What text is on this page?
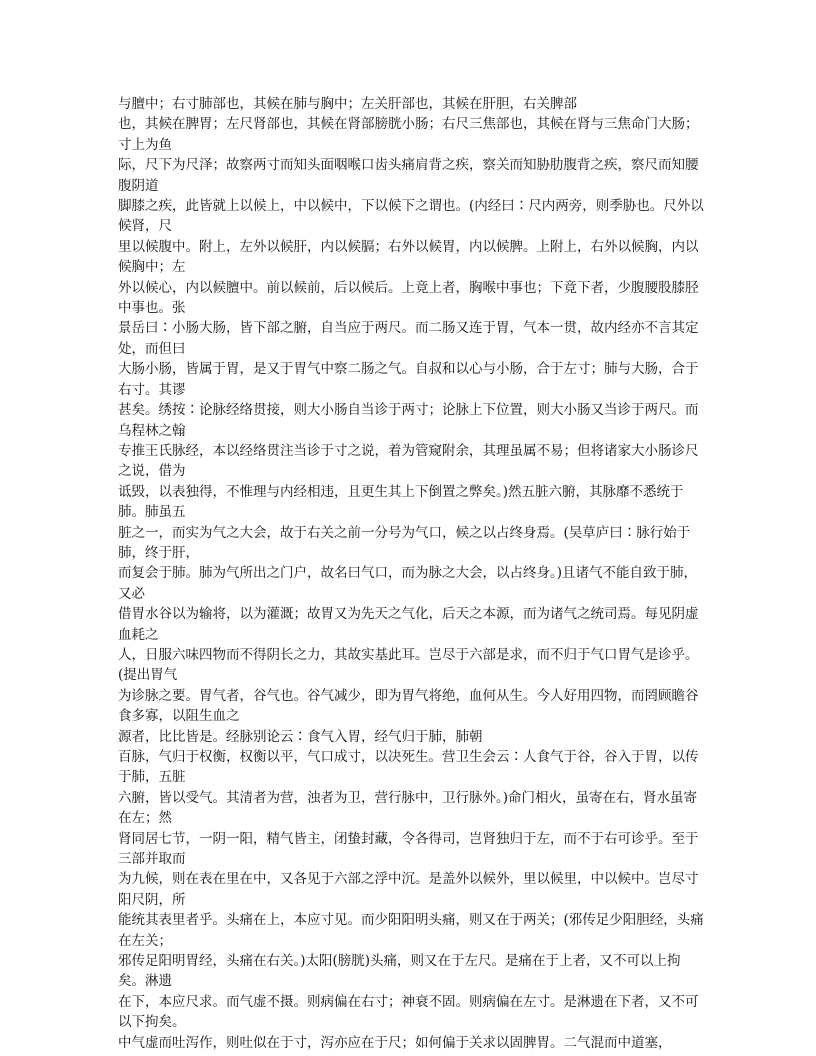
与膻中；右寸肺部也，其候在肺与胸中；左关肝部也，其候在肝胆，右关脾部

也，其候在脾胃；左尺肾部也，其候在肾部膀胱小肠；右尺三焦部也，其候在肾与三焦命门大肠；寸上为鱼

际，尺下为尺泽；故察两寸而知头面咽喉口齿头痛肩背之疾，察关而知胁肋腹背之疾，察尺而知腰腹阴道

脚膝之疾，此皆就上以候上，中以候中，下以候下之谓也。(内经曰∶尺内两旁，则季胁也。尺外以候肾，尺

里以候腹中。附上，左外以候肝，内以候膈；右外以候胃，内以候脾。上附上，右外以候胸，内以候胸中；左

外以候心，内以候膻中。前以候前，后以候后。上竟上者，胸喉中事也；下竟下者，少腹腰股膝胫中事也。张

景岳曰∶小肠大肠，皆下部之腑，自当应于两尺。而二肠又连于胃，气本一贯，故内经亦不言其定处，而但曰

大肠小肠，皆属于胃，是又于胃气中察二肠之气。自叔和以心与小肠，合于左寸；肺与大肠，合于右寸。其谬

甚矣。绣按∶论脉经络贯接，则大小肠自当诊于两寸；论脉上下位置，则大小肠又当诊于两尺。而乌程林之翰

专推王氏脉经，本以经络贯注当诊于寸之说，着为管窥附余，其理虽属不易；但将诸家大小肠诊尺之说，借为

诋毁，以表独得，不惟理与内经相违，且更生其上下倒置之弊矣。)然五脏六腑，其脉靡不悉统于肺。肺虽五

脏之一，而实为气之大会，故于右关之前一分号为气口，候之以占终身焉。(吴草庐曰∶脉行始于肺，终于肝，

而复会于肺。肺为气所出之门户，故名曰气口，而为脉之大会，以占终身。)且诸气不能自致于肺，又必

借胃水谷以为输将，以为灌溉；故胃又为先天之气化，后天之本源，而为诸气之统司焉。每见阴虚血耗之

人，日服六味四物而不得阴长之力，其故实基此耳。岂尽于六部是求，而不归于气口胃气是诊乎。(提出胃气

为诊脉之要。胃气者，谷气也。谷气减少，即为胃气将绝，血何从生。今人好用四物，而罔顾瞻谷食多寡，以阻生血之

源者，比比皆是。经脉别论云∶食气入胃，经气归于肺，肺朝

百脉，气归于权衡，权衡以平，气口成寸，以决死生。营卫生会云∶人食气于谷，谷入于胃，以传于肺，五脏

六腑，皆以受气。其清者为营，浊者为卫，营行脉中，卫行脉外。)命门相火，虽寄在右，肾水虽寄在左；然

肾同居七节，一阴一阳，精气皆主，闭蛰封藏，令各得司，岂肾独归于左，而不于右可诊乎。至于三部并取而

为九候，则在表在里在中，又各见于六部之浮中沉。是盖外以候外，里以候里，中以候中。岂尽寸阳尺阴，所

能统其表里者乎。头痛在上，本应寸见。而少阳阳明头痛，则又在于两关；(邪传足少阳胆经，头痛在左关；

邪传足阳明胃经，头痛在右关。)太阳(膀胱)头痛，则又在于左尺。是痛在于上者，又不可以上拘矣。淋遗

在下，本应尺求。而气虚不摄。则病偏在右寸；神衰不固。则病偏在左寸。是淋遗在下者，又不可以下拘矣。

中气虚而吐泻作，则吐似在于寸，泻亦应在于尺；如何偏于关求以固脾胃。二气混而中道塞，
